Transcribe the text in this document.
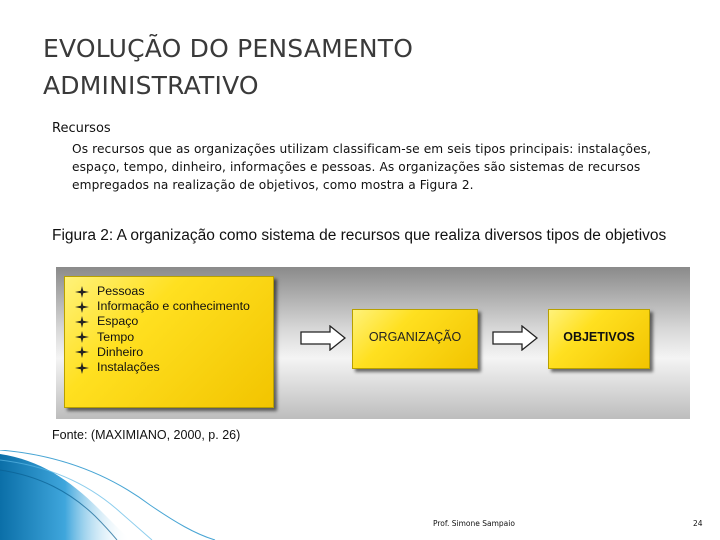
EVOLUÇÃO DO PENSAMENTO
ADMINISTRATIVO
Recursos
Os recursos que as organizações utilizam classificam-se em seis tipos principais: instalações, espaço, tempo, dinheiro, informações e pessoas. As organizações são sistemas de recursos empregados na realização de objetivos, como mostra a Figura 2.
Figura 2: A organização como sistema de recursos que realiza diversos tipos de objetivos
Pessoas
Informação e conhecimento
Espaço
Tempo
Dinheiro
Instalações
ORGANIZAÇÃO	OBJETIVOS
Fonte: (MAXIMIANO, 2000, p. 26)
Prof. Simone Sampaio	24
